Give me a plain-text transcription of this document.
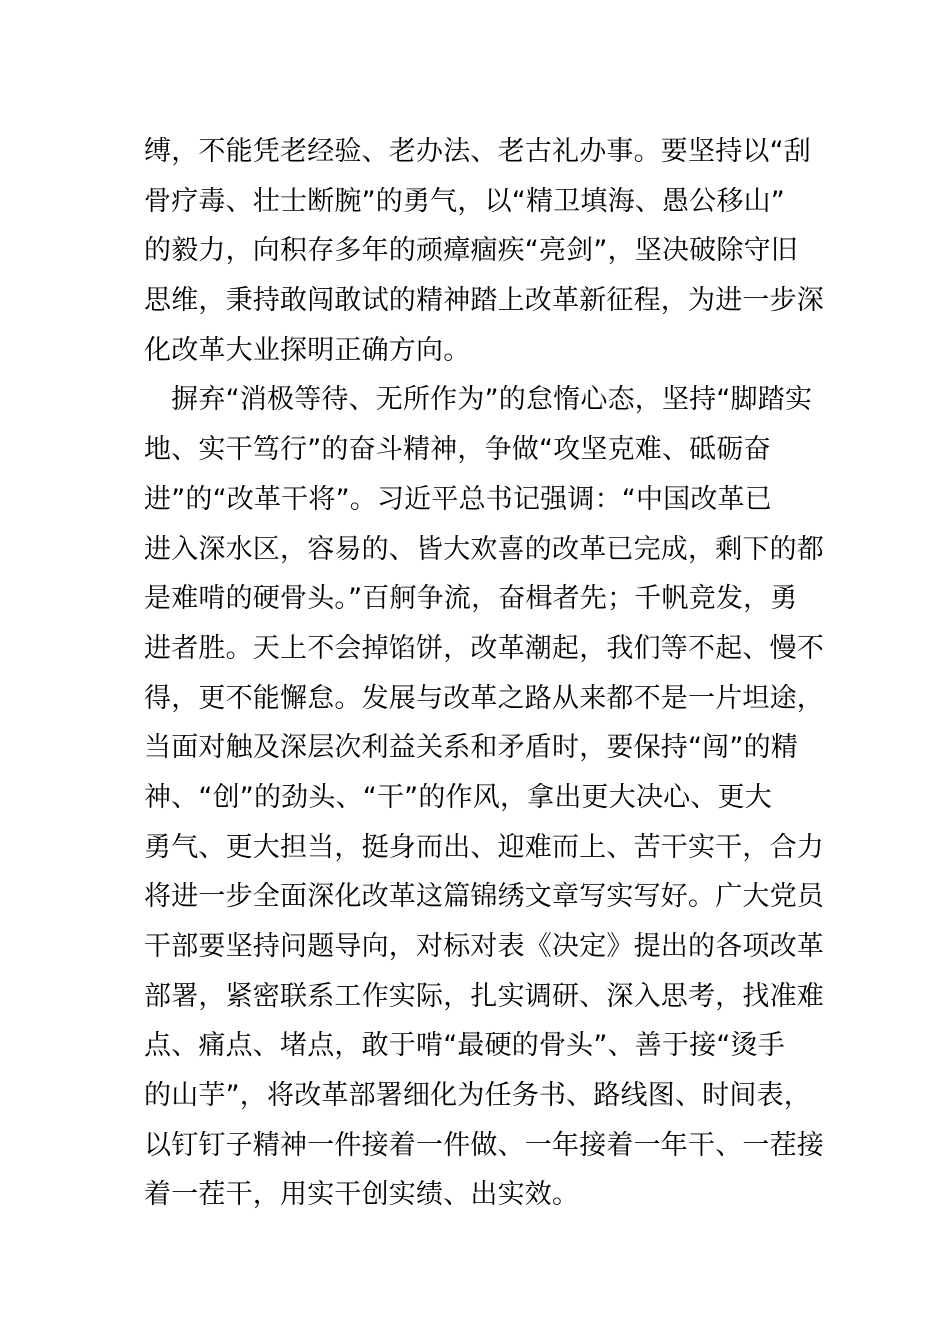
缚，不能凭老经验、老办法、老古礼办事。要坚持以“刮
骨疗毒、壮士断腕”的勇气，以“精卫填海、愚公移山”
的毅力，向积存多年的顽瘴痼疾“亮剑”，坚决破除守旧
思维，秉持敢闯敢试的精神踏上改革新征程，为进一步深
化改革大业探明正确方向。
　摒弃“消极等待、无所作为”的怠惰心态，坚持“脚踏实
地、实干笃行”的奋斗精神，争做“攻坚克难、砥砺奋
进”的“改革干将”。习近平总书记强调：“中国改革已
进入深水区，容易的、皆大欢喜的改革已完成，剩下的都
是难啃的硬骨头。”百舸争流，奋楫者先；千帆竞发，勇
进者胜。天上不会掉馅饼，改革潮起，我们等不起、慢不
得，更不能懈怠。发展与改革之路从来都不是一片坦途，
当面对触及深层次利益关系和矛盾时，要保持“闯”的精
神、“创”的劲头、“干”的作风，拿出更大决心、更大
勇气、更大担当，挺身而出、迎难而上、苦干实干，合力
将进一步全面深化改革这篇锦绣文章写实写好。广大党员
干部要坚持问题导向，对标对表《决定》提出的各项改革
部署，紧密联系工作实际，扎实调研、深入思考，找准难
点、痛点、堵点，敢于啃“最硬的骨头”、善于接“烫手
的山芋”，将改革部署细化为任务书、路线图、时间表，
以钉钉子精神一件接着一件做、一年接着一年干、一茬接
着一茬干，用实干创实绩、出实效。
